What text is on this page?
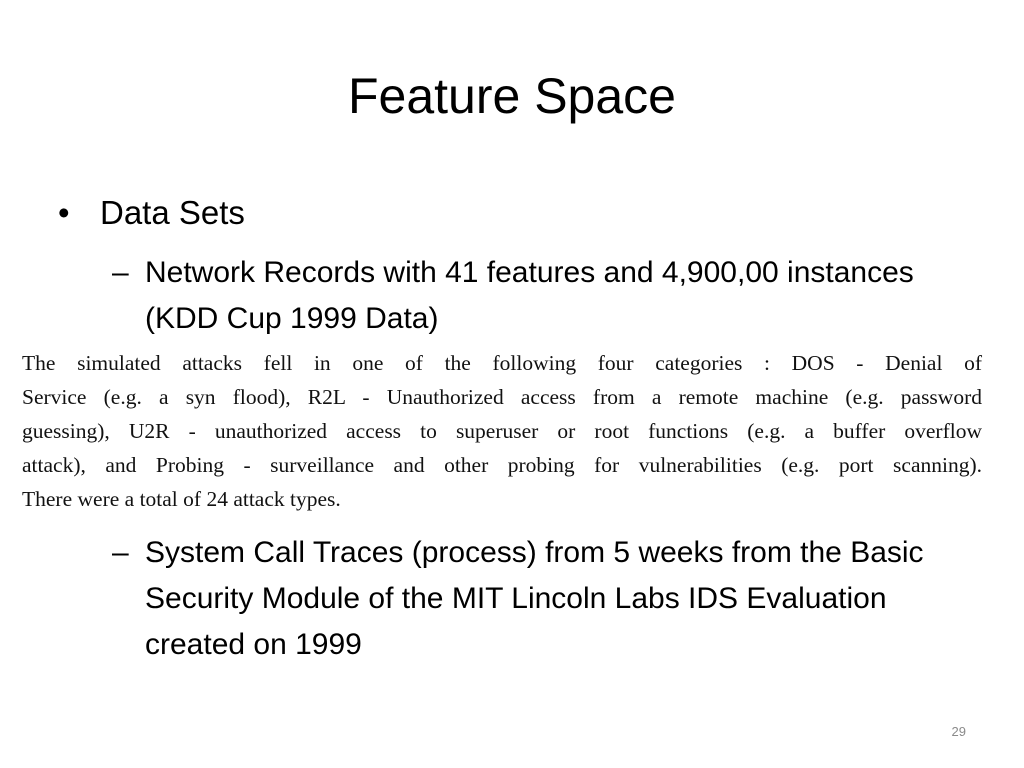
Feature Space
• Data Sets
– Network Records with 41 features and 4,900,00 instances (KDD Cup 1999 Data)
The simulated attacks fell in one of the following four categories : DOS - Denial of
Service (e.g. a syn flood), R2L - Unauthorized access from a remote machine (e.g. password
guessing), U2R - unauthorized access to superuser or root functions (e.g. a buffer overflow
attack), and Probing - surveillance and other probing for vulnerabilities (e.g. port scanning).
There were a total of 24 attack types.
– System Call Traces (process) from 5 weeks from the Basic Security Module of the MIT Lincoln Labs IDS Evaluation created on 1999
29
